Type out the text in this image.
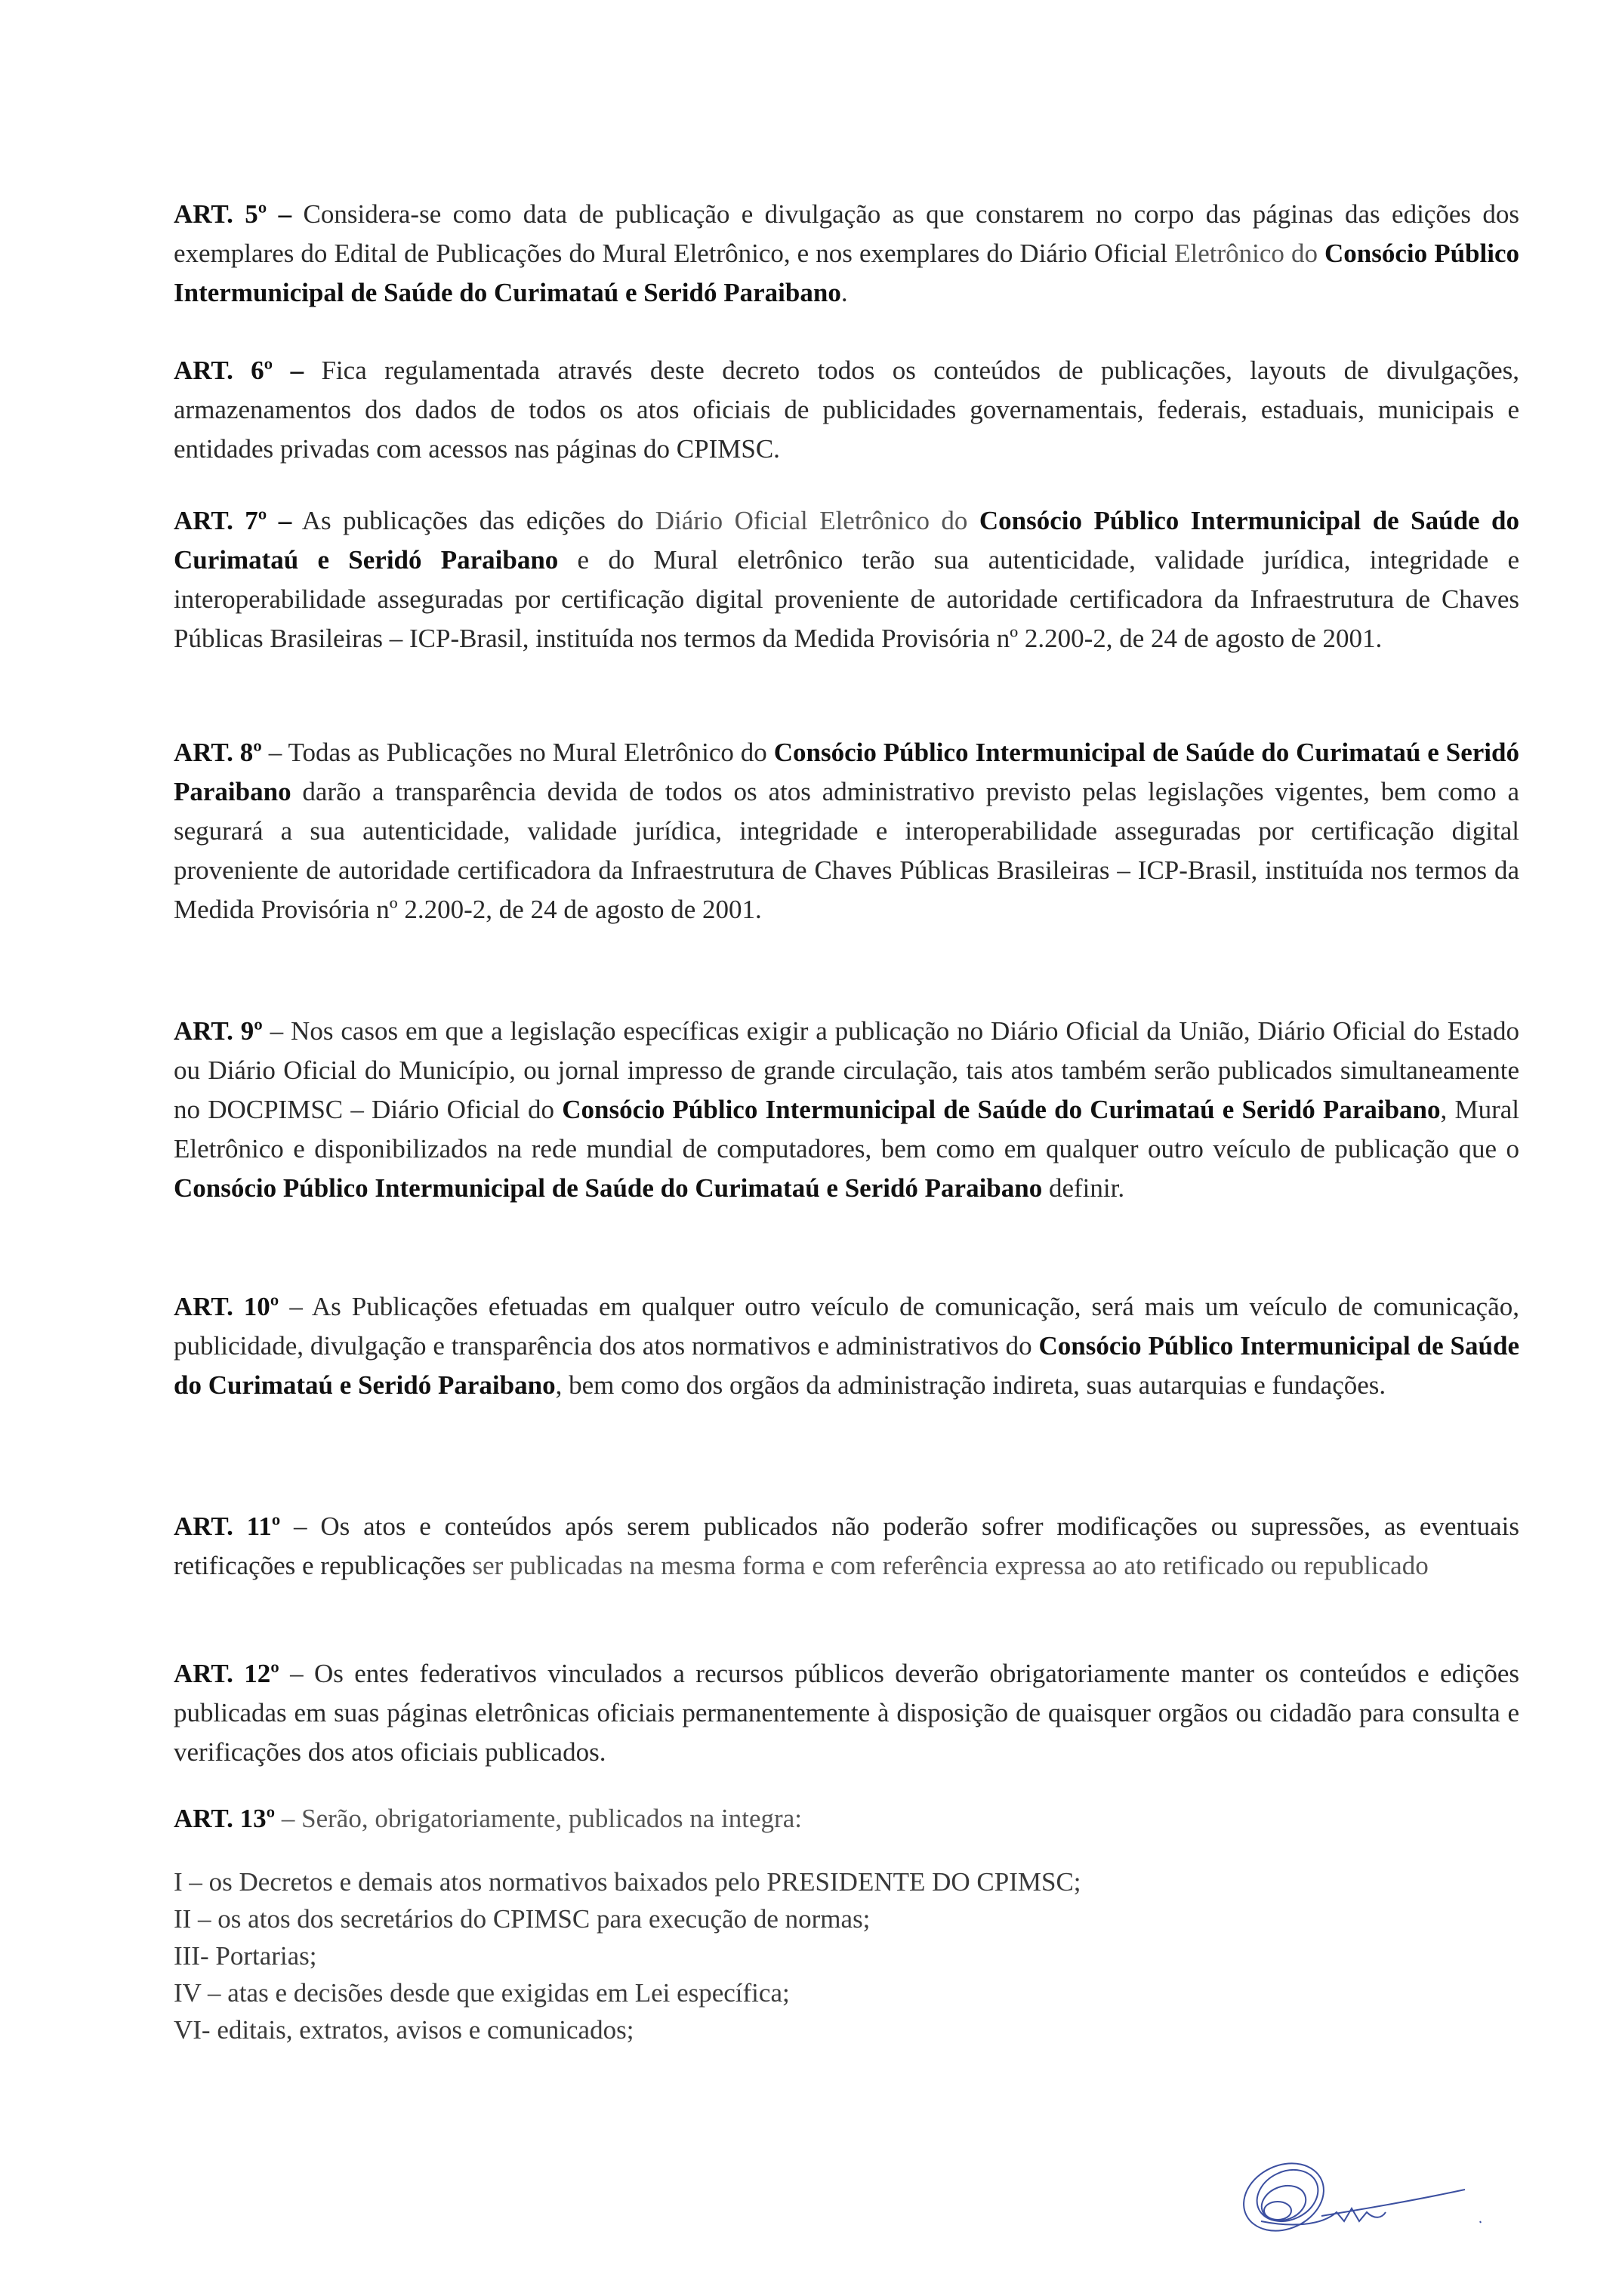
ART. 5º – Considera-se como data de publicação e divulgação as que constarem no corpo das páginas das edições dos exemplares do Edital de Publicações do Mural Eletrônico, e nos exemplares do Diário Oficial Eletrônico do Consócio Público Intermunicipal de Saúde do Curimataú e Seridó Paraibano.
ART. 6º – Fica regulamentada através deste decreto todos os conteúdos de publicações, layouts de divulgações, armazenamentos dos dados de todos os atos oficiais de publicidades governamentais, federais, estaduais, municipais e entidades privadas com acessos nas páginas do CPIMSC.
ART. 7º – As publicações das edições do Diário Oficial Eletrônico do Consócio Público Intermunicipal de Saúde do Curimataú e Seridó Paraibano e do Mural eletrônico terão sua autenticidade, validade jurídica, integridade e interoperabilidade asseguradas por certificação digital proveniente de autoridade certificadora da Infraestrutura de Chaves Públicas Brasileiras – ICP-Brasil, instituída nos termos da Medida Provisória nº 2.200-2, de 24 de agosto de 2001.
ART. 8º – Todas as Publicações no Mural Eletrônico do Consócio Público Intermunicipal de Saúde do Curimataú e Seridó Paraibano darão a transparência devida de todos os atos administrativo previsto pelas legislações vigentes, bem como a segurará a sua autenticidade, validade jurídica, integridade e interoperabilidade asseguradas por certificação digital proveniente de autoridade certificadora da Infraestrutura de Chaves Públicas Brasileiras – ICP-Brasil, instituída nos termos da Medida Provisória nº 2.200-2, de 24 de agosto de 2001.
ART. 9º – Nos casos em que a legislação específicas exigir a publicação no Diário Oficial da União, Diário Oficial do Estado ou Diário Oficial do Município, ou jornal impresso de grande circulação, tais atos também serão publicados simultaneamente no DOCPIMSC – Diário Oficial do Consócio Público Intermunicipal de Saúde do Curimataú e Seridó Paraibano, Mural Eletrônico e disponibilizados na rede mundial de computadores, bem como em qualquer outro veículo de publicação que o Consócio Público Intermunicipal de Saúde do Curimataú e Seridó Paraibano definir.
ART. 10º – As Publicações efetuadas em qualquer outro veículo de comunicação, será mais um veículo de comunicação, publicidade, divulgação e transparência dos atos normativos e administrativos do Consócio Público Intermunicipal de Saúde do Curimataú e Seridó Paraibano, bem como dos orgãos da administração indireta, suas autarquias e fundações.
ART. 11º – Os atos e conteúdos após serem publicados não poderão sofrer modificações ou supressões, as eventuais retificações e republicações ser publicadas na mesma forma e com referência expressa ao ato retificado ou republicado
ART. 12º – Os entes federativos vinculados a recursos públicos deverão obrigatoriamente manter os conteúdos e edições publicadas em suas páginas eletrônicas oficiais permanentemente à disposição de quaisquer orgãos ou cidadão para consulta e verificações dos atos oficiais publicados.
ART. 13º – Serão, obrigatoriamente, publicados na integra:
I – os Decretos e demais atos normativos baixados pelo PRESIDENTE DO CPIMSC;
II – os atos dos secretários do CPIMSC para execução de normas;
III- Portarias;
IV – atas e decisões desde que exigidas em Lei específica;
VI- editais, extratos, avisos e comunicados;
